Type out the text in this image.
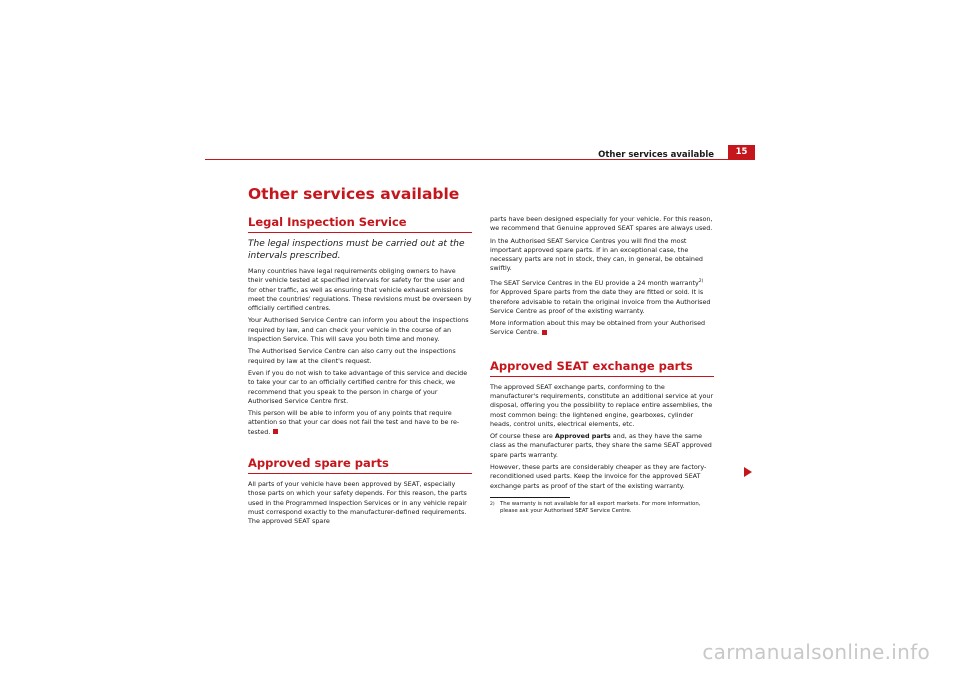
Other services available	15
Other services available
Legal Inspection Service

The legal inspections must be carried out at the intervals prescribed.

Many countries have legal requirements obliging owners to have their vehicle tested at specified intervals for safety for the user and for other traffic, as well as ensuring that vehicle exhaust emissions meet the countries' regulations. These revisions must be overseen by officially certified centres.

Your Authorised Service Centre can inform you about the inspections required by law, and can check your vehicle in the course of an Inspection Service. This will save you both time and money.

The Authorised Service Centre can also carry out the inspections required by law at the client's request.

Even if you do not wish to take advantage of this service and decide to take your car to an officially certified centre for this check, we recommend that you speak to the person in charge of your Authorised Service Centre first.

This person will be able to inform you of any points that require attention so that your car does not fail the test and have to be re-tested.

Approved spare parts

All parts of your vehicle have been approved by SEAT, especially those parts on which your safety depends. For this reason, the parts used in the Programmed Inspection Services or in any vehicle repair must correspond exactly to the manufacturer-defined requirements. The approved SEAT spare

parts have been designed especially for your vehicle. For this reason, we recommend that Genuine approved SEAT spares are always used.

In the Authorised SEAT Service Centres you will find the most important approved spare parts. If in an exceptional case, the necessary parts are not in stock, they can, in general, be obtained swiftly.

The SEAT Service Centres in the EU provide a 24 month warranty$^{2)}$ for Approved Spare parts from the date they are fitted or sold. It is therefore advisable to retain the original invoice from the Authorised Service Centre as proof of the existing warranty.

More information about this may be obtained from your Authorised Service Centre.

Approved SEAT exchange parts

The approved SEAT exchange parts, conforming to the manufacturer's requirements, constitute an additional service at your disposal, offering you the possibility to replace entire assemblies, the most common being: the lightened engine, gearboxes, cylinder heads, control units, electrical elements, etc.

Of course these are Approved parts and, as they have the same class as the manufacturer parts, they share the same SEAT approved spare parts warranty.

However, these parts are considerably cheaper as they are factory-reconditioned used parts. Keep the invoice for the approved SEAT exchange parts as proof of the start of the existing warranty.

2) The warranty is not available for all export markets. For more information, please ask your Authorised SEAT Service Centre.

carmanualsonline.info
